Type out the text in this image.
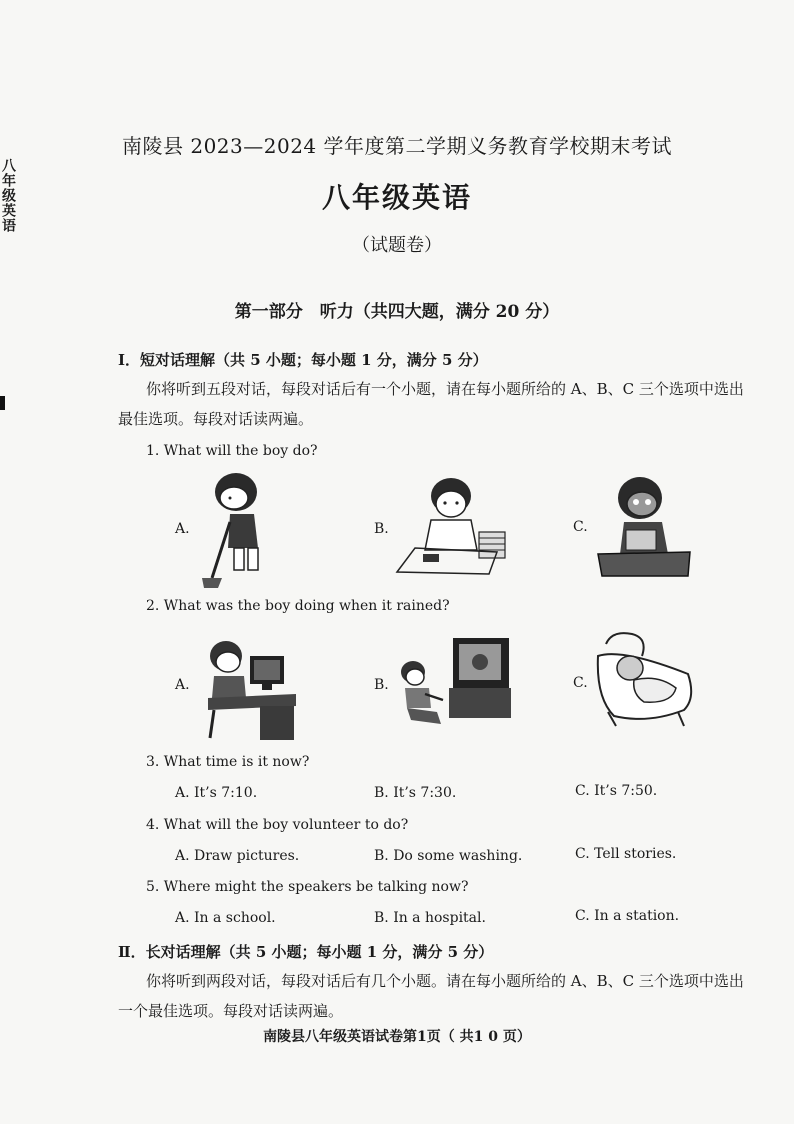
八年级英语
南陵县 2023—2024 学年度第二学期义务教育学校期末考试
八年级英语
（试题卷）
第一部分　听力（共四大题，满分 20 分）
Ⅰ．短对话理解（共 5 小题；每小题 1 分，满分 5 分）
你将听到五段对话，每段对话后有一个小题，请在每小题所给的 A、B、C 三个选项中选出最佳选项。每段对话读两遍。
1. What will the boy do?
A.	B.	C.
2. What was the boy doing when it rained?
A.	B.	C.
3. What time is it now?
A. It’s 7:10.	B. It’s 7:30.	C. It’s 7:50.
4. What will the boy volunteer to do?
A. Draw pictures.	B. Do some washing.	C. Tell stories.
5. Where might the speakers be talking now?
A. In a school.	B. In a hospital.	C. In a station.
Ⅱ．长对话理解（共 5 小题；每小题 1 分，满分 5 分）
你将听到两段对话，每段对话后有几个小题。请在每小题所给的 A、B、C 三个选项中选出一个最佳选项。每段对话读两遍。
南陵县八年级英语试卷第1页（ 共1 0 页）
